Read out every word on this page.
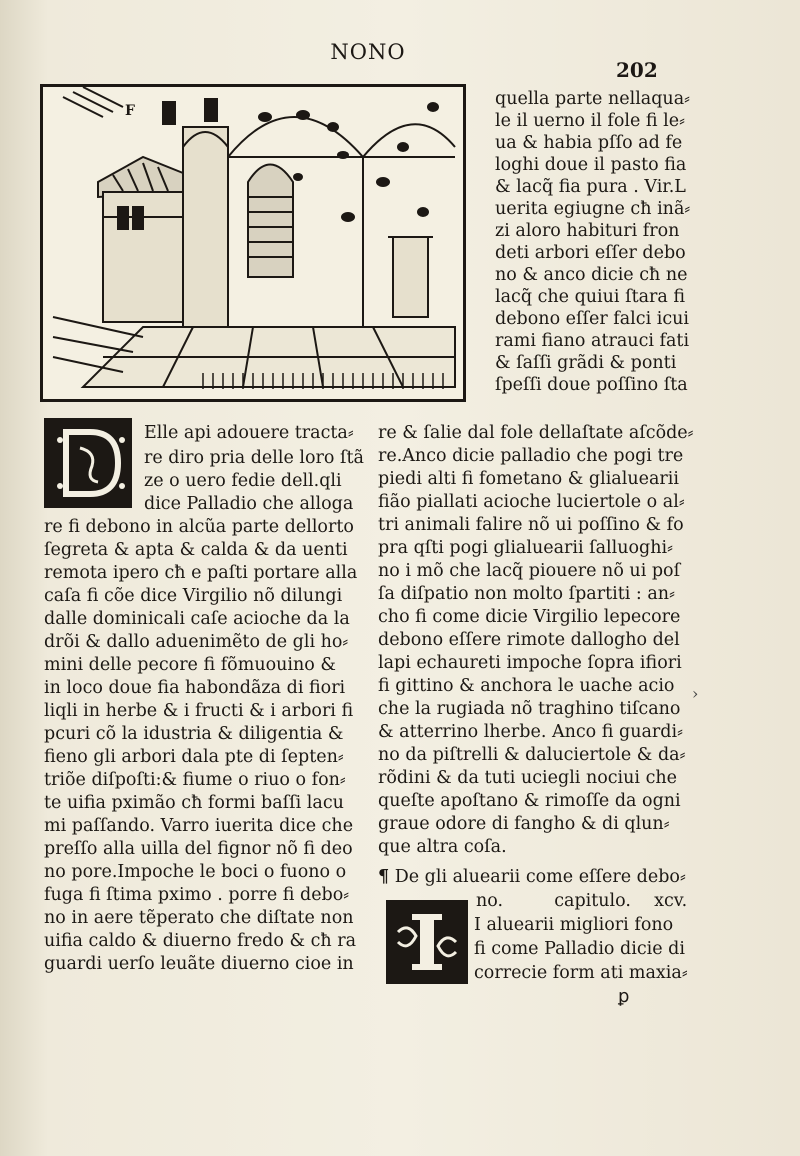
NONO
202
F
quella parte nellaqua⸗
le il uerno il fole fi le⸗
ua & habia pſſo ad fe
loghi doue il pasto fia
& lacq̃ fia pura . Vir.L
uerita egiugne cħ inã⸗
zi aloro habituri fron
deti arbori eſſer debo
no & anco dicie cħ ne
lacq̃ che quiui ſtara fi
debono eſſer falci icui
rami fiano atrauci fati
& ſaſſi grãdi & ponti
ſpeſſi doue poſſino ſta
Elle api adouere tracta⸗
re diro pria delle loro ſtã
ze o uero fedie dell.qli
dice Palladio che alloga
re fi debono in alcũa parte dellorto
ſegreta & apta & calda & da uenti
remota ipero cħ e paſti portare alla
caſa fi cõe dice Virgilio nõ dilungi
dalle dominicali caſe acioche da la
drõi & dallo aduenimẽto de gli ho⸗
mini delle pecore fi fõmuouino &
in loco doue fia habondãza di fiori
liqli in herbe & i fructi & i arbori fi
pcuri cõ la idustria & diligentia &
fieno gli arbori dala pte di ſepten⸗
triõe diſpoſti:& fiume o riuo o fon⸗
te uifia pximão cħ formi baſſi lacu
mi paſſando. Varro iuerita dice che
preſſo alla uilla del fignor nõ fi deo
no pore.Impoche le boci o fuono o
fuga fi ſtima pximo . porre fi debo⸗
no in aere tẽperato che diſtate non
uifia caldo & diuerno fredo & cħ ra
guardi uerſo leuãte diuerno cioe in
re & ſalie dal fole dellaſtate aſcõde⸗
re.Anco dicie palladio che pogi tre
piedi alti fi fometano & glialuearii
fião piallati acioche luciertole o al⸗
tri animali falire nõ ui poſſino & fo
pra qſti pogi glialuearii ſalluoghi⸗
no i mõ che lacq̃ piouere nõ ui poſ
ſa diſpatio non molto ſpartiti : an⸗
cho fi come dicie Virgilio lepecore
debono eſſere rimote dallogho del
lapi echaureti impoche ſopra ifiori
fi gittino & anchora le uache acio
che la rugiada nõ traghino tiſcano
& atterrino lherbe. Anco fi guardi⸗
no da piſtrelli & daluciertole & da⸗
rõdini & da tuti uciegli nociui che
queſte apoſtano & rimoſſe da ogni
graue odore di fangho & di qlun⸗
que altra coſa.
¶ De gli aluearii come eſſere debo⸗
no.	capitulo. xcv.
I aluearii migliori fono
fi come Palladio dicie di
correcie form ati maxia⸗
ꝑ
›
